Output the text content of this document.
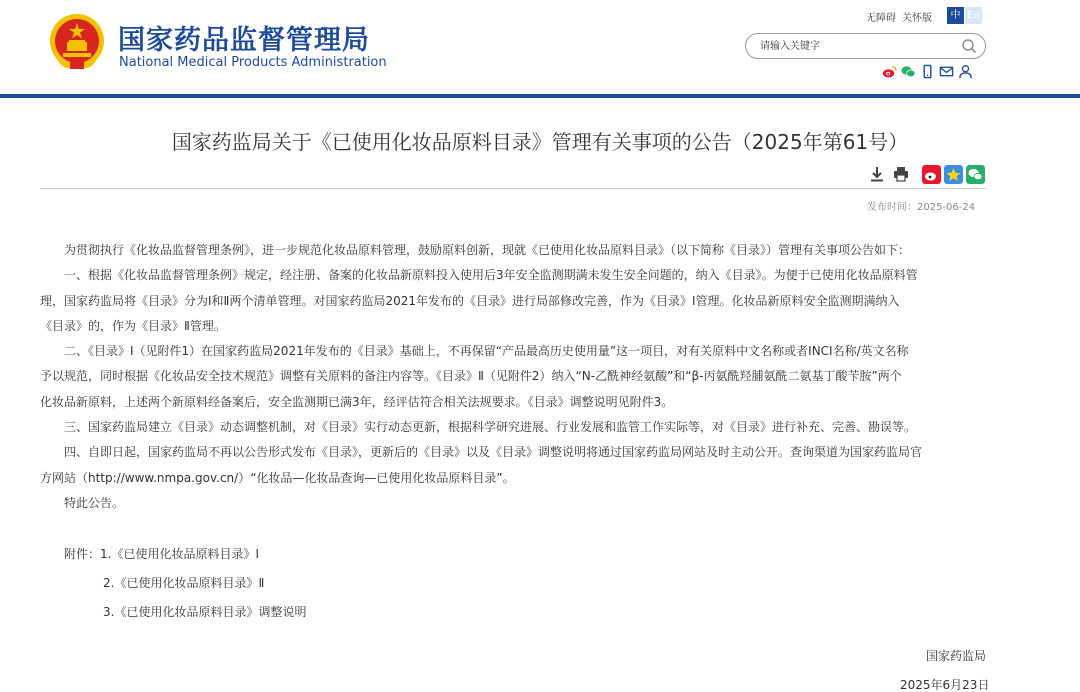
国家药品监督管理局
National Medical Products Administration
无障碍 关怀版	中 En
请输入关键字
国家药监局关于《已使用化妆品原料目录》管理有关事项的公告（2025年第61号）
发布时间：2025-06-24

为贯彻执行《化妆品监督管理条例》，进一步规范化妆品原料管理，鼓励原料创新，现就《已使用化妆品原料目录》（以下简称《目录》）管理有关事项公告如下：

一、根据《化妆品监督管理条例》规定，经注册、备案的化妆品新原料投入使用后3年安全监测期满未发生安全问题的，纳入《目录》。为便于已使用化妆品原料管

理，国家药监局将《目录》分为Ⅰ和Ⅱ两个清单管理。对国家药监局2021年发布的《目录》进行局部修改完善，作为《目录》Ⅰ管理。化妆品新原料安全监测期满纳入

《目录》的，作为《目录》Ⅱ管理。

二、《目录》Ⅰ（见附件1）在国家药监局2021年发布的《目录》基础上，不再保留“产品最高历史使用量”这一项目，对有关原料中文名称或者INCI名称/英文名称

予以规范，同时根据《化妆品安全技术规范》调整有关原料的备注内容等。《目录》Ⅱ（见附件2）纳入“N-乙酰神经氨酸”和“β-丙氨酰羟脯氨酰二氨基丁酸苄胺”两个

化妆品新原料，上述两个新原料经备案后，安全监测期已满3年，经评估符合相关法规要求。《目录》调整说明见附件3。

三、国家药监局建立《目录》动态调整机制，对《目录》实行动态更新，根据科学研究进展、行业发展和监管工作实际等，对《目录》进行补充、完善、勘误等。

四、自即日起，国家药监局不再以公告形式发布《目录》，更新后的《目录》以及《目录》调整说明将通过国家药监局网站及时主动公开。查询渠道为国家药监局官

方网站（http://www.nmpa.gov.cn/）“化妆品—化妆品查询—已使用化妆品原料目录”。

特此公告。

附件：1.《已使用化妆品原料目录》Ⅰ
2.《已使用化妆品原料目录》Ⅱ
3.《已使用化妆品原料目录》调整说明
国家药监局
2025年6月23日
